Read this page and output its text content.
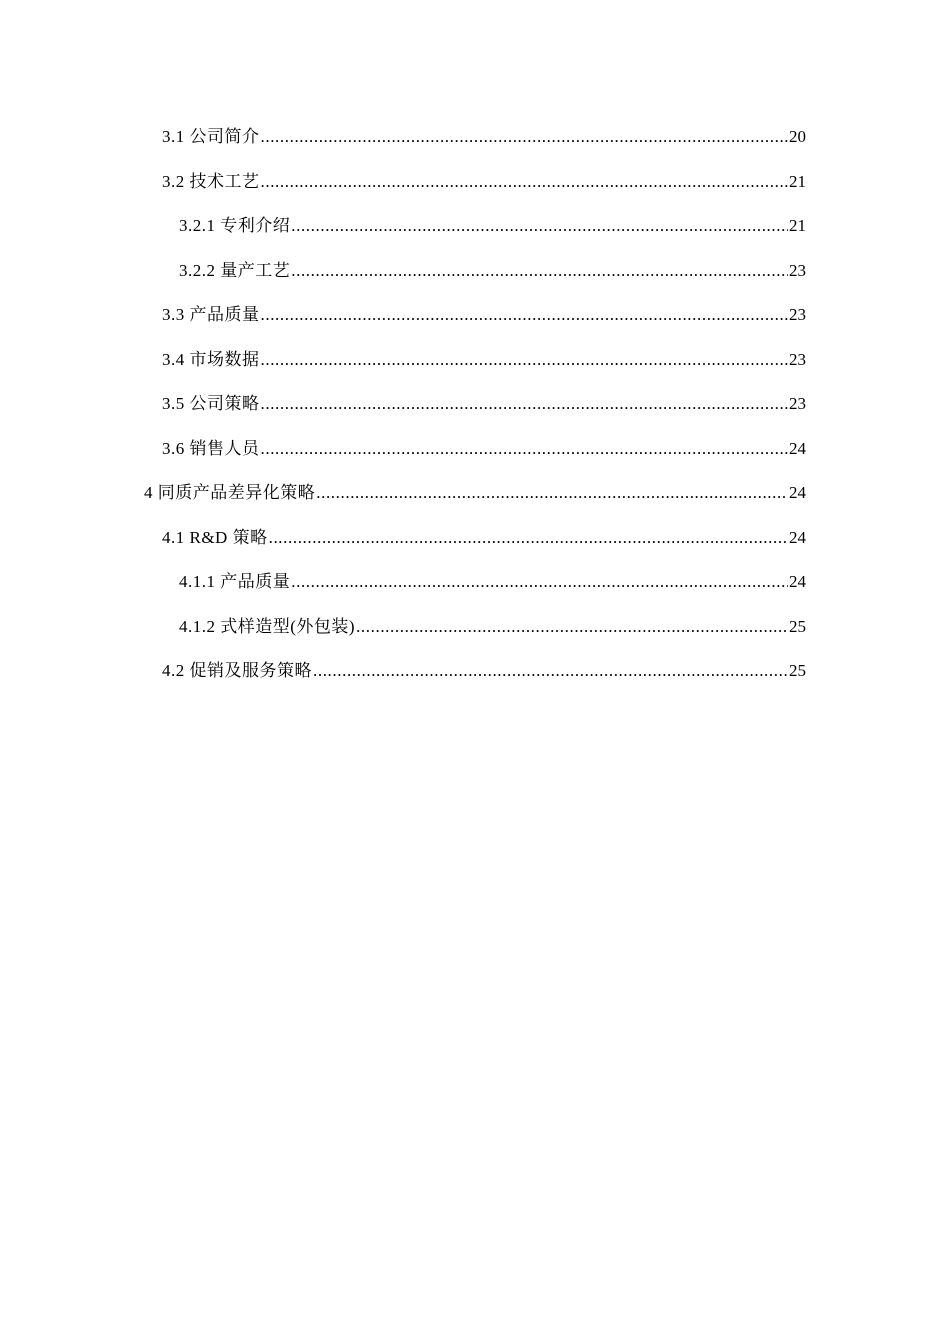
3.1 公司简介 .....	20
3.2 技术工艺 .....	21
3.2.1 专利介绍 .....	21
3.2.2 量产工艺 .....	23
3.3 产品质量 .....	23
3.4 市场数据 .....	23
3.5 公司策略 .....	23
3.6 销售人员 .....	24
4 同质产品差异化策略 .....	24
4.1 R&D 策略 .....	24
4.1.1 产品质量 .....	24
4.1.2 式样造型(外包装) .....	25
4.2 促销及服务策略 .....	25
